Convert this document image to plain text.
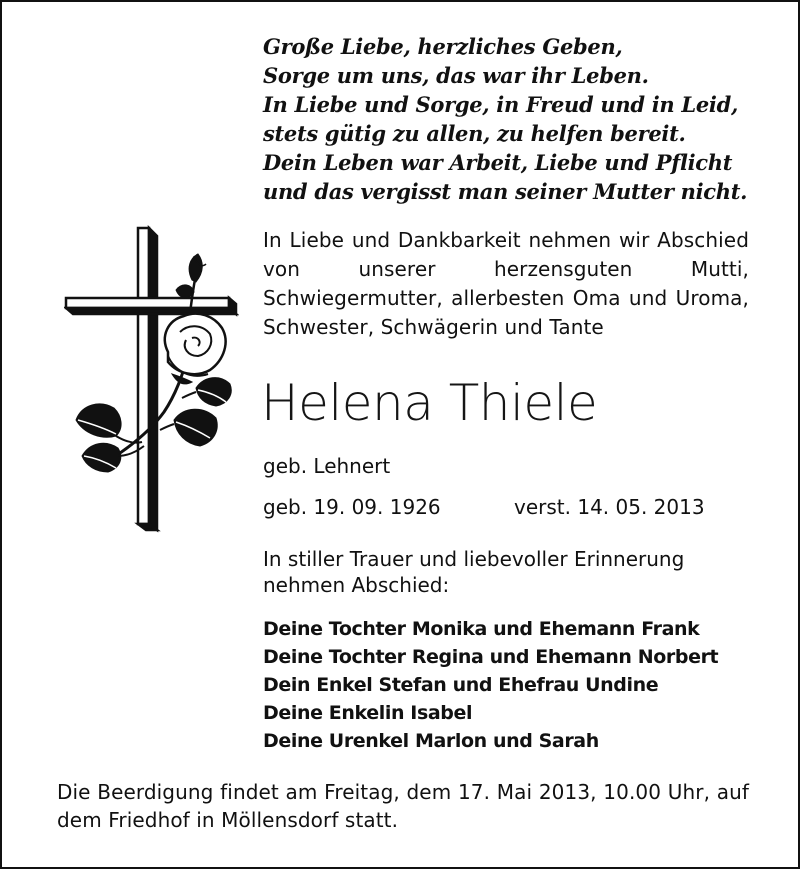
Große Liebe, herzliches Geben,
Sorge um uns, das war ihr Leben.
In Liebe und Sorge, in Freud und in Leid,
stets gütig zu allen, zu helfen bereit.
Dein Leben war Arbeit, Liebe und Pflicht
und das vergisst man seiner Mutter nicht.
In Liebe und Dankbarkeit nehmen wir Abschied von unserer herzensguten Mutti, Schwiegermutter, allerbesten Oma und Uroma, Schwester, Schwägerin und Tante
Helena Thiele
geb. Lehnert
geb. 19. 09. 1926	verst. 14. 05. 2013
In stiller Trauer und liebevoller Erinnerung nehmen Abschied:
Deine Tochter Monika und Ehemann Frank
Deine Tochter Regina und Ehemann Norbert
Dein Enkel Stefan und Ehefrau Undine
Deine Enkelin Isabel
Deine Urenkel Marlon und Sarah
Die Beerdigung findet am Freitag, dem 17. Mai 2013, 10.00 Uhr, auf dem Friedhof in Möllensdorf statt.
